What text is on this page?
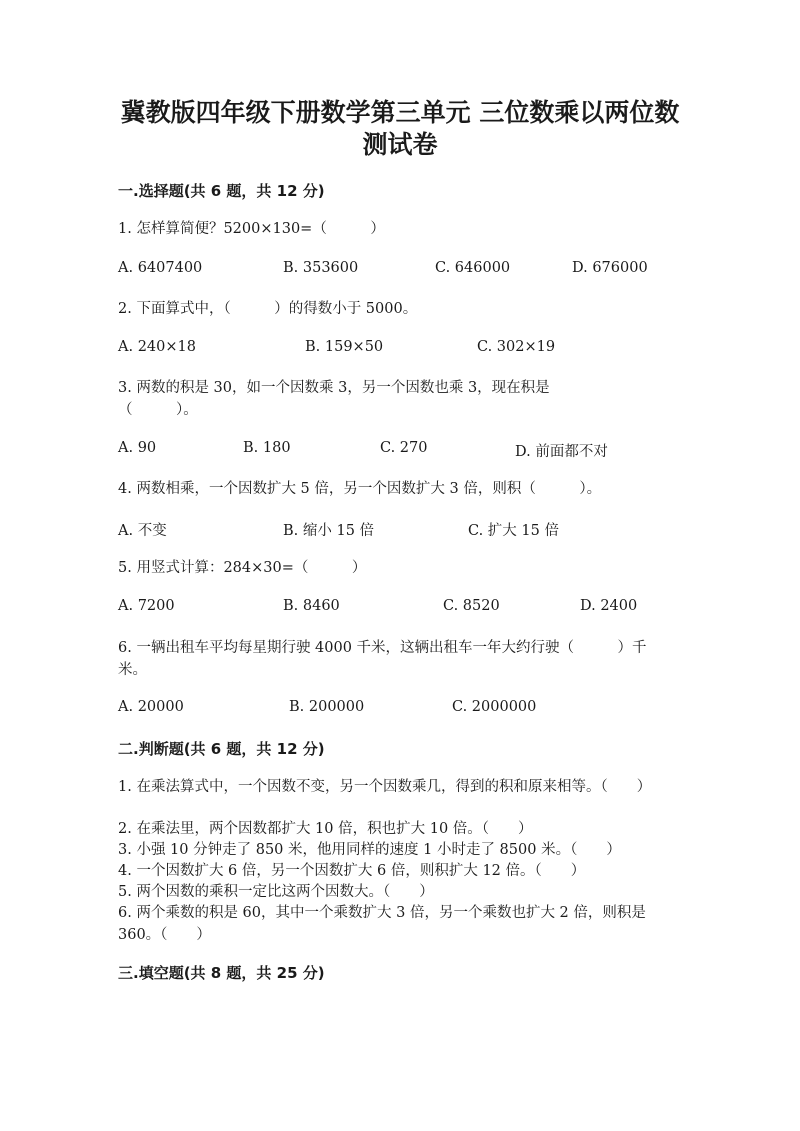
冀教版四年级下册数学第三单元 三位数乘以两位数
测试卷
一.选择题(共 6 题，共 12 分)
1. 怎样算简便？5200×130=（　　　）
A. 6407400	B. 353600	C. 646000	D. 676000
2. 下面算式中，（　　　）的得数小于 5000。
A. 240×18	B. 159×50	C. 302×19
3. 两数的积是 30，如一个因数乘 3，另一个因数也乘 3，现在积是（　　　）。
A. 90	B. 180	C. 270	D. 前面都不对
4. 两数相乘，一个因数扩大 5 倍，另一个因数扩大 3 倍，则积（　　　）。
A. 不变	B. 缩小 15 倍	C. 扩大 15 倍
5. 用竖式计算：284×30=（　　　）
A. 7200	B. 8460	C. 8520	D. 2400
6. 一辆出租车平均每星期行驶 4000 千米，这辆出租车一年大约行驶（　　　）千米。
A. 20000	B. 200000	C. 2000000
二.判断题(共 6 题，共 12 分)
1. 在乘法算式中，一个因数不变，另一个因数乘几，得到的积和原来相等。（　　）
2. 在乘法里，两个因数都扩大 10 倍，积也扩大 10 倍。（　　）
3. 小强 10 分钟走了 850 米，他用同样的速度 1 小时走了 8500 米。（　　）
4. 一个因数扩大 6 倍，另一个因数扩大 6 倍，则积扩大 12 倍。（　　）
5. 两个因数的乘积一定比这两个因数大。（　　）
6. 两个乘数的积是 60，其中一个乘数扩大 3 倍，另一个乘数也扩大 2 倍，则积是 360。（　　）
三.填空题(共 8 题，共 25 分)
